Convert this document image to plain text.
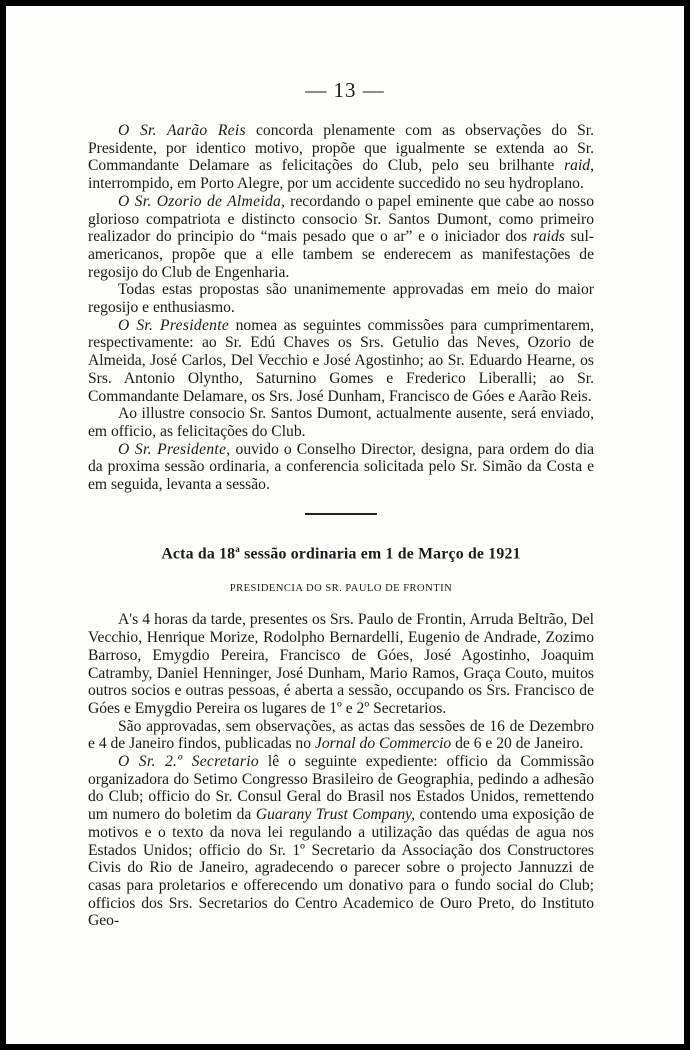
— 13 —

O Sr. Aarão Reis concorda plenamente com as observações do Sr. Presidente, por identico motivo, propõe que igualmente se extenda ao Sr. Commandante Delamare as felicitações do Club, pelo seu brilhante raid, interrompido, em Porto Alegre, por um accidente succedido no seu hydroplano.

O Sr. Ozorio de Almeida, recordando o papel eminente que cabe ao nosso glorioso compatriota e distincto consocio Sr. Santos Dumont, como primeiro realizador do principio do “mais pesado que o ar” e o iniciador dos raids sul-americanos, propõe que a elle tambem se enderecem as manifestações de regosijo do Club de Engenharia.

Todas estas propostas são unanimemente approvadas em meio do maior regosijo e enthusiasmo.

O Sr. Presidente nomea as seguintes commissões para cumprimentarem, respectivamente: ao Sr. Edú Chaves os Srs. Getulio das Neves, Ozorio de Almeida, José Carlos, Del Vecchio e José Agostinho; ao Sr. Eduardo Hearne, os Srs. Antonio Olyntho, Saturnino Gomes e Frederico Liberalli; ao Sr. Commandante Delamare, os Srs. José Dunham, Francisco de Góes e Aarão Reis.

Ao illustre consocio Sr. Santos Dumont, actualmente ausente, será enviado, em officio, as felicitações do Club.

O Sr. Presidente, ouvido o Conselho Director, designa, para ordem do dia da proxima sessão ordinaria, a conferencia solicitada pelo Sr. Simão da Costa e em seguida, levanta a sessão.

Acta da 18$^a$ sessão ordinaria em 1 de Março de 1921
PRESIDENCIA DO SR. PAULO DE FRONTIN

A's 4 horas da tarde, presentes os Srs. Paulo de Frontin, Arruda Beltrão, Del Vecchio, Henrique Morize, Rodolpho Bernardelli, Eugenio de Andrade, Zozimo Barroso, Emygdio Pereira, Francisco de Góes, José Agostinho, Joaquim Catramby, Daniel Henninger, José Dunham, Mario Ramos, Graça Couto, muitos outros socios e outras pessoas, é aberta a sessão, occupando os Srs. Francisco de Góes e Emygdio Pereira os lugares de 1º e 2º Secretarios.

São approvadas, sem observações, as actas das sessões de 16 de Dezembro e 4 de Janeiro findos, publicadas no Jornal do Commercio de 6 e 20 de Janeiro.

O Sr. 2.º Secretario lê o seguinte expediente: officio da Commissão organizadora do Setimo Congresso Brasileiro de Geographia, pedindo a adhesão do Club; officio do Sr. Consul Geral do Brasil nos Estados Unidos, remettendo um numero do boletim da Guarany Trust Company, contendo uma exposição de motivos e o texto da nova lei regulando a utilização das quédas de agua nos Estados Unidos; officio do Sr. 1º Secretario da Associação dos Constructores Civis do Rio de Janeiro, agradecendo o parecer sobre o projecto Jannuzzi de casas para proletarios e offerecendo um donativo para o fundo social do Club; officios dos Srs. Secretarios do Centro Academico de Ouro Preto, do Instituto Geo-
